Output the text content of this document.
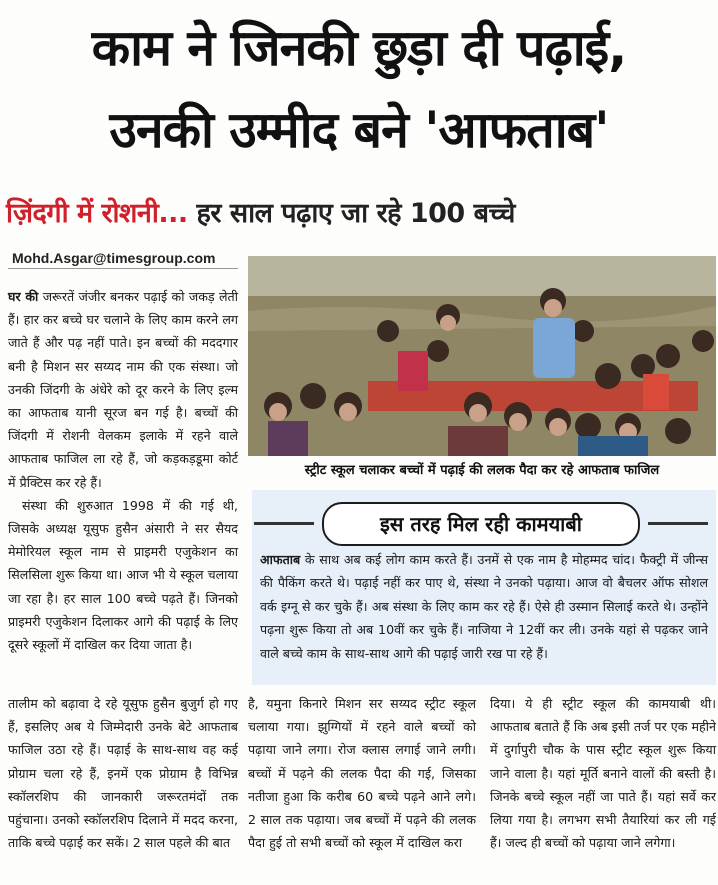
काम ने जिनकी छुड़ा दी पढ़ाई,
उनकी उम्मीद बने 'आफताब'
ज़िंदगी में रोशनी... हर साल पढ़ाए जा रहे 100 बच्चे
Mohd.Asgar@timesgroup.com

घर की जरूरतें जंजीर बनकर पढ़ाई को जकड़ लेती हैं। हार कर बच्चे घर चलाने के लिए काम करने लग जाते हैं और पढ़ नहीं पाते। इन बच्चों की मददगार बनी है मिशन सर सय्यद नाम की एक संस्था। जो उनकी जिंदगी के अंधेरे को दूर करने के लिए इल्म का आफताब यानी सूरज बन गई है। बच्चों की जिंदगी में रोशनी वेलकम इलाके में रहने वाले आफताब फाजिल ला रहे हैं, जो कड़कड़डूमा कोर्ट में प्रैक्टिस कर रहे हैं।

संस्था की शुरुआत 1998 में की गई थी, जिसके अध्यक्ष यूसुफ हुसैन अंसारी ने सर सैयद मेमोरियल स्कूल नाम से प्राइमरी एजुकेशन का सिलसिला शुरू किया था। आज भी ये स्कूल चलाया जा रहा है। हर साल 100 बच्चे पढ़ते हैं। जिनको प्राइमरी एजुकेशन दिलाकर आगे की पढ़ाई के लिए दूसरे स्कूलों में दाखिल कर दिया जाता है।

स्ट्रीट स्कूल चलाकर बच्चों में पढ़ाई की ललक पैदा कर रहे आफताब फाजिल
इस तरह मिल रही कामयाबी

आफताब के साथ अब कई लोग काम करते हैं। उनमें से एक नाम है मोहम्मद चांद। फैक्ट्री में जीन्स की पैकिंग करते थे। पढ़ाई नहीं कर पाए थे, संस्था ने उनको पढ़ाया। आज वो बैचलर ऑफ सोशल वर्क इग्नू से कर चुके हैं। अब संस्था के लिए काम कर रहे हैं। ऐसे ही उस्मान सिलाई करते थे। उन्होंने पढ़ना शुरू किया तो अब 10वीं कर चुके हैं। नाजिया ने 12वीं कर ली। उनके यहां से पढ़कर जाने वाले बच्चे काम के साथ-साथ आगे की पढ़ाई जारी रख पा रहे हैं।

तालीम को बढ़ावा दे रहे यूसुफ हुसैन बुजुर्ग हो गए हैं, इसलिए अब ये जिम्मेदारी उनके बेटे आफताब फाजिल उठा रहे हैं। पढ़ाई के साथ-साथ वह कई प्रोग्राम चला रहे हैं, इनमें एक प्रोग्राम है विभिन्न स्कॉलरशिप की जानकारी जरूरतमंदों तक पहुंचाना। उनको स्कॉलरशिप दिलाने में मदद करना, ताकि बच्चे पढ़ाई कर सकें। 2 साल पहले की बात
है, यमुना किनारे मिशन सर सय्यद स्ट्रीट स्कूल चलाया गया। झुग्गियों में रहने वाले बच्चों को पढ़ाया जाने लगा। रोज क्लास लगाई जाने लगी। बच्चों में पढ़ने की ललक पैदा की गई, जिसका नतीजा हुआ कि करीब 60 बच्चे पढ़ने आने लगे। 2 साल तक पढ़ाया। जब बच्चों में पढ़ने की ललक पैदा हुई तो सभी बच्चों को स्कूल में दाखिल करा
दिया। ये ही स्ट्रीट स्कूल की कामयाबी थी। आफताब बताते हैं कि अब इसी तर्ज पर एक महीने में दुर्गापुरी चौक के पास स्ट्रीट स्कूल शुरू किया जाने वाला है। यहां मूर्ति बनाने वालों की बस्ती है। जिनके बच्चे स्कूल नहीं जा पाते हैं। यहां सर्वे कर लिया गया है। लगभग सभी तैयारियां कर ली गई हैं। जल्द ही बच्चों को पढ़ाया जाने लगेगा।
